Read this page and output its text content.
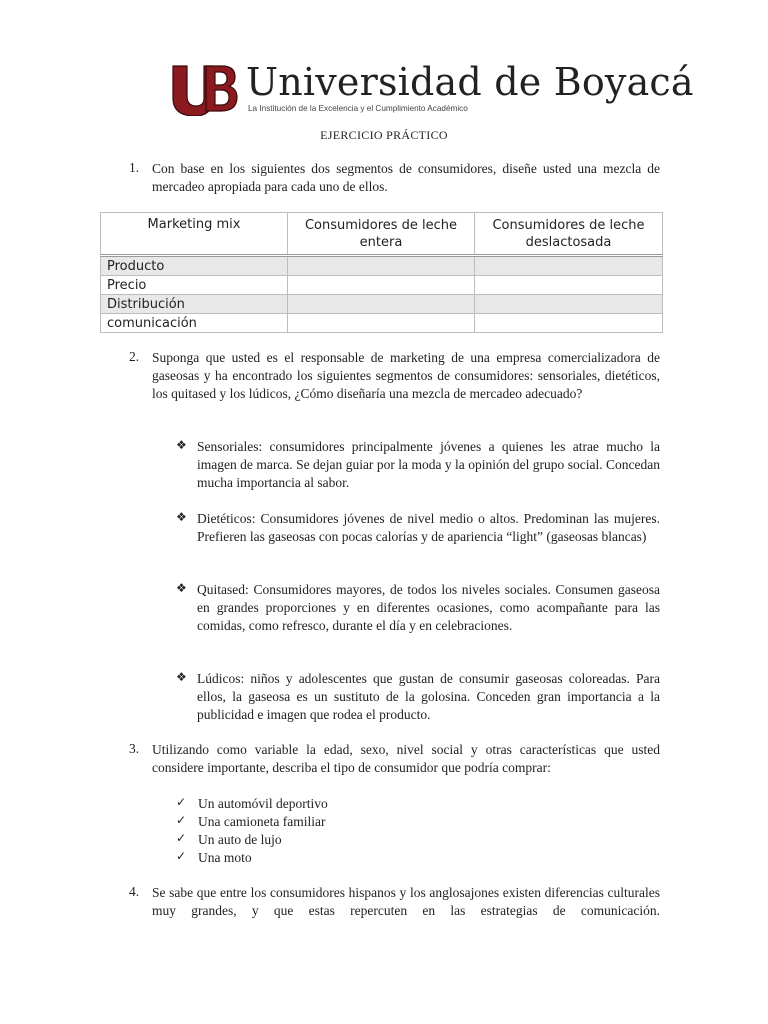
Universidad de Boyacá
La Institución de la Excelencia y el Cumplimiento Académico
EJERCICIO PRÁCTICO
1. Con base en los siguientes dos segmentos de consumidores, diseñe usted una mezcla de mercadeo apropiada para cada uno de ellos.
Marketing mix	Consumidores de leche entera	Consumidores de leche deslactosada
Producto		
Precio		
Distribución		
comunicación		
2. Suponga que usted es el responsable de marketing de una empresa comercializadora de gaseosas y ha encontrado los siguientes segmentos de consumidores: sensoriales, dietéticos, los quitased y los lúdicos, ¿Cómo diseñaría una mezcla de mercadeo adecuado?
❖ Sensoriales: consumidores principalmente jóvenes a quienes les atrae mucho la imagen de marca. Se dejan guiar por la moda y la opinión del grupo social. Concedan mucha importancia al sabor.
❖ Dietéticos: Consumidores jóvenes de nivel medio o altos. Predominan las mujeres. Prefieren las gaseosas con pocas calorías y de apariencia “light” (gaseosas blancas)
❖ Quitased: Consumidores mayores, de todos los niveles sociales. Consumen gaseosa en grandes proporciones y en diferentes ocasiones, como acompañante para las comidas, como refresco, durante el día y en celebraciones.
❖ Lúdicos: niños y adolescentes que gustan de consumir gaseosas coloreadas. Para ellos, la gaseosa es un sustituto de la golosina. Conceden gran importancia a la publicidad e imagen que rodea el producto.
3. Utilizando como variable la edad, sexo, nivel social y otras características que usted considere importante, describa el tipo de consumidor que podría comprar:
✓ Un automóvil deportivo
✓ Una camioneta familiar
✓ Un auto de lujo
✓ Una moto
4. Se sabe que entre los consumidores hispanos y los anglosajones existen diferencias culturales muy grandes, y que estas repercuten en las estrategias de comunicación.
